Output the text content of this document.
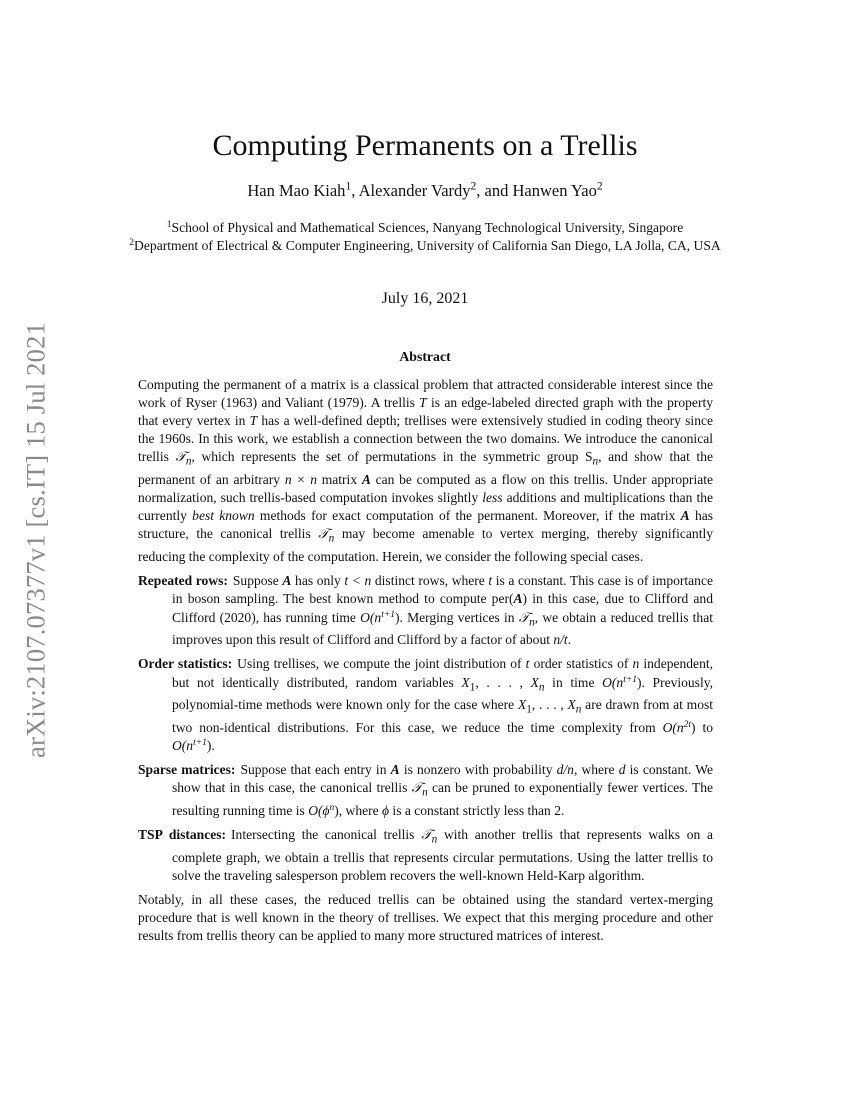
arXiv:2107.07377v1 [cs.IT] 15 Jul 2021
Computing Permanents on a Trellis
Han Mao Kiah$^1$, Alexander Vardy$^2$, and Hanwen Yao$^2$
$^1$School of Physical and Mathematical Sciences, Nanyang Technological University, Singapore
$^2$Department of Electrical & Computer Engineering, University of California San Diego, LA Jolla, CA, USA
July 16, 2021
Abstract

Computing the permanent of a matrix is a classical problem that attracted considerable interest since the work of Ryser (1963) and Valiant (1979). A trellis T is an edge-labeled directed graph with the property that every vertex in T has a well-defined depth; trellises were extensively studied in coding theory since the 1960s. In this work, we establish a connection between the two domains. We introduce the canonical trellis 𝒯$_n$, which represents the set of permutations in the symmetric group $S_n$, and show that the permanent of an arbitrary n × n matrix A can be computed as a flow on this trellis. Under appropriate normalization, such trellis-based computation invokes slightly less additions and multiplications than the currently best known methods for exact computation of the permanent. Moreover, if the matrix A has structure, the canonical trellis 𝒯$_n$ may become amenable to vertex merging, thereby significantly reducing the complexity of the computation. Herein, we consider the following special cases.

Repeated rows: Suppose A has only t < n distinct rows, where t is a constant. This case is of importance in boson sampling. The best known method to compute per(A) in this case, due to Clifford and Clifford (2020), has running time $O(n^{t+1})$. Merging vertices in 𝒯$_n$, we obtain a reduced trellis that improves upon this result of Clifford and Clifford by a factor of about n/t.

Order statistics: Using trellises, we compute the joint distribution of t order statistics of n independent, but not identically distributed, random variables $X_1$, . . . , $X_n$ in time $O(n^{t+1})$. Previously, polynomial-time methods were known only for the case where $X_1$, . . . , $X_n$ are drawn from at most two non-identical distributions. For this case, we reduce the time complexity from $O(n^{2t})$ to $O(n^{t+1})$.

Sparse matrices: Suppose that each entry in A is nonzero with probability d/n, where d is constant. We show that in this case, the canonical trellis 𝒯$_n$ can be pruned to exponentially fewer vertices. The resulting running time is $O(\phi^n)$, where ϕ is a constant strictly less than 2.

TSP distances: Intersecting the canonical trellis 𝒯$_n$ with another trellis that represents walks on a complete graph, we obtain a trellis that represents circular permutations. Using the latter trellis to solve the traveling salesperson problem recovers the well-known Held-Karp algorithm.

Notably, in all these cases, the reduced trellis can be obtained using the standard vertex-merging procedure that is well known in the theory of trellises. We expect that this merging procedure and other results from trellis theory can be applied to many more structured matrices of interest.
